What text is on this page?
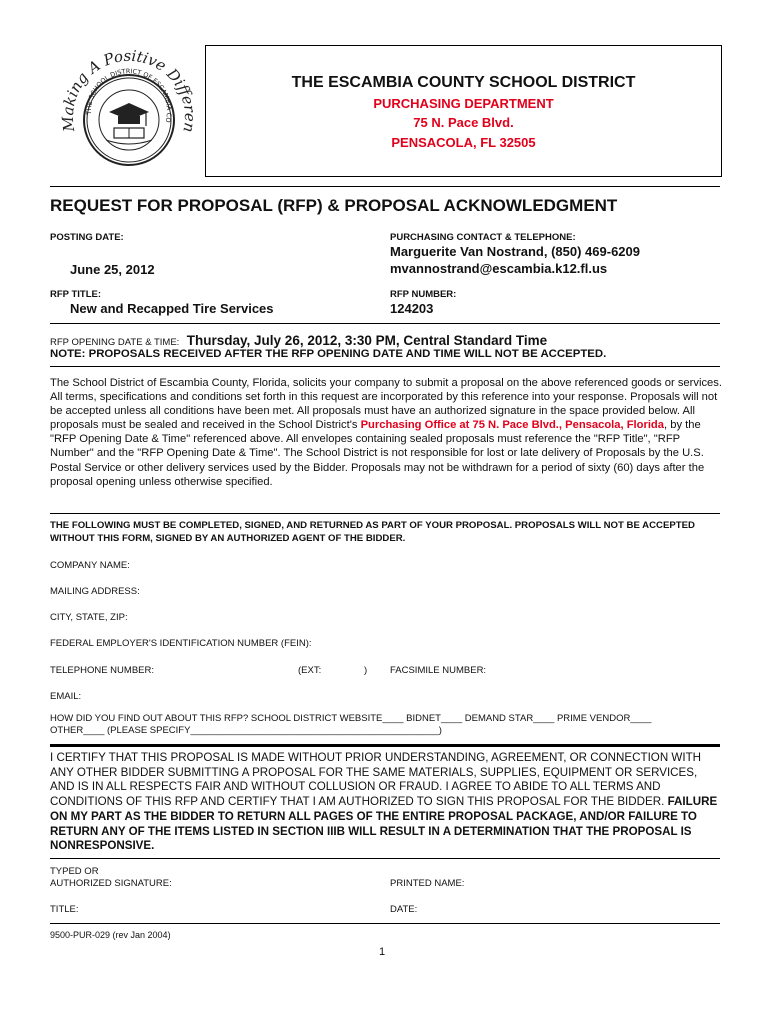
Making A Positive Difference
THE SCHOOL DISTRICT OF ESCAMBIA CO
THE ESCAMBIA COUNTY SCHOOL DISTRICT
PURCHASING DEPARTMENT
75 N. Pace Blvd.
PENSACOLA, FL 32505
REQUEST FOR PROPOSAL (RFP) & PROPOSAL ACKNOWLEDGMENT
POSTING DATE:	PURCHASING CONTACT & TELEPHONE:
Marguerite Van Nostrand, (850) 469-6209
mvannostrand@escambia.k12.fl.us
June 25, 2012
RFP TITLE:	RFP NUMBER:
New and Recapped Tire Services	124203
RFP OPENING DATE & TIME: Thursday, July 26, 2012, 3:30 PM, Central Standard Time
NOTE: PROPOSALS RECEIVED AFTER THE RFP OPENING DATE AND TIME WILL NOT BE ACCEPTED.
The School District of Escambia County, Florida, solicits your company to submit a proposal on the above referenced goods or services. All terms, specifications and conditions set forth in this request are incorporated by this reference into your response. Proposals will not be accepted unless all conditions have been met. All proposals must have an authorized signature in the space provided below. All proposals must be sealed and received in the School District's Purchasing Office at 75 N. Pace Blvd., Pensacola, Florida, by the "RFP Opening Date & Time" referenced above. All envelopes containing sealed proposals must reference the "RFP Title", "RFP Number" and the "RFP Opening Date & Time". The School District is not responsible for lost or late delivery of Proposals by the U.S. Postal Service or other delivery services used by the Bidder. Proposals may not be withdrawn for a period of sixty (60) days after the proposal opening unless otherwise specified.
THE FOLLOWING MUST BE COMPLETED, SIGNED, AND RETURNED AS PART OF YOUR PROPOSAL. PROPOSALS WILL NOT BE ACCEPTED WITHOUT THIS FORM, SIGNED BY AN AUTHORIZED AGENT OF THE BIDDER.
COMPANY NAME:
MAILING ADDRESS:
CITY, STATE, ZIP:
FEDERAL EMPLOYER'S IDENTIFICATION NUMBER (FEIN):
TELEPHONE NUMBER:	(EXT:	) FACSIMILE NUMBER:
EMAIL:
HOW DID YOU FIND OUT ABOUT THIS RFP? SCHOOL DISTRICT WEBSITE____ BIDNET____ DEMAND STAR____ PRIME VENDOR____
OTHER____ (PLEASE SPECIFY_______________________________________________)
I CERTIFY THAT THIS PROPOSAL IS MADE WITHOUT PRIOR UNDERSTANDING, AGREEMENT, OR CONNECTION WITH ANY OTHER BIDDER SUBMITTING A PROPOSAL FOR THE SAME MATERIALS, SUPPLIES, EQUIPMENT OR SERVICES, AND IS IN ALL RESPECTS FAIR AND WITHOUT COLLUSION OR FRAUD. I AGREE TO ABIDE TO ALL TERMS AND CONDITIONS OF THIS RFP AND CERTIFY THAT I AM AUTHORIZED TO SIGN THIS PROPOSAL FOR THE BIDDER. FAILURE ON MY PART AS THE BIDDER TO RETURN ALL PAGES OF THE ENTIRE PROPOSAL PACKAGE, AND/OR FAILURE TO RETURN ANY OF THE ITEMS LISTED IN SECTION IIIB WILL RESULT IN A DETERMINATION THAT THE PROPOSAL IS NONRESPONSIVE.
TYPED OR
AUTHORIZED SIGNATURE:	PRINTED NAME:
TITLE:	DATE:
9500-PUR-029 (rev Jan 2004)
1
